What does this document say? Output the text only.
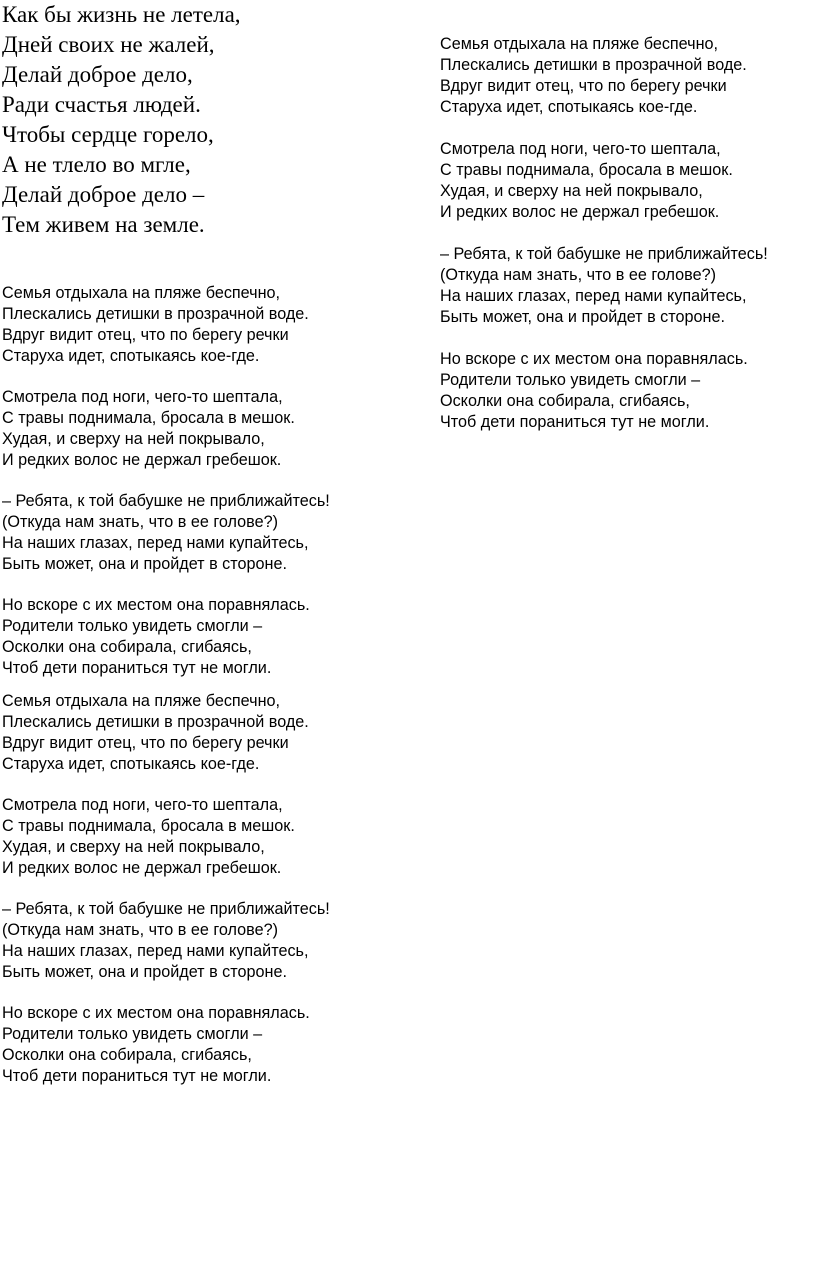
Как бы жизнь не летела,
Дней своих не жалей,
Делай доброе дело,
Ради счастья людей.
Чтобы сердце горело,
А не тлело во мгле,
Делай доброе дело –
Тем живем на земле.
Семья отдыхала на пляже беспечно,
Плескались детишки в прозрачной воде.
Вдруг видит отец, что по берегу речки
Старуха идет, спотыкаясь кое-где.
Смотрела под ноги, чего-то шептала,
С травы поднимала, бросала в мешок.
Худая, и сверху на ней покрывало,
И редких волос не держал гребешок.
– Ребята, к той бабушке не приближайтесь!
(Откуда нам знать, что в ее голове?)
На наших глазах, перед нами купайтесь,
Быть может, она и пройдет в стороне.
Но вскоре с их местом она поравнялась.
Родители только увидеть смогли –
Осколки она собирала, сгибаясь,
Чтоб дети пораниться тут не могли.
Семья отдыхала на пляже беспечно,
Плескались детишки в прозрачной воде.
Вдруг видит отец, что по берегу речки
Старуха идет, спотыкаясь кое-где.
Смотрела под ноги, чего-то шептала,
С травы поднимала, бросала в мешок.
Худая, и сверху на ней покрывало,
И редких волос не держал гребешок.
– Ребята, к той бабушке не приближайтесь!
(Откуда нам знать, что в ее голове?)
На наших глазах, перед нами купайтесь,
Быть может, она и пройдет в стороне.
Но вскоре с их местом она поравнялась.
Родители только увидеть смогли –
Осколки она собирала, сгибаясь,
Чтоб дети пораниться тут не могли.
Семья отдыхала на пляже беспечно,
Плескались детишки в прозрачной воде.
Вдруг видит отец, что по берегу речки
Старуха идет, спотыкаясь кое-где.
Смотрела под ноги, чего-то шептала,
С травы поднимала, бросала в мешок.
Худая, и сверху на ней покрывало,
И редких волос не держал гребешок.
– Ребята, к той бабушке не приближайтесь!
(Откуда нам знать, что в ее голове?)
На наших глазах, перед нами купайтесь,
Быть может, она и пройдет в стороне.
Но вскоре с их местом она поравнялась.
Родители только увидеть смогли –
Осколки она собирала, сгибаясь,
Чтоб дети пораниться тут не могли.
